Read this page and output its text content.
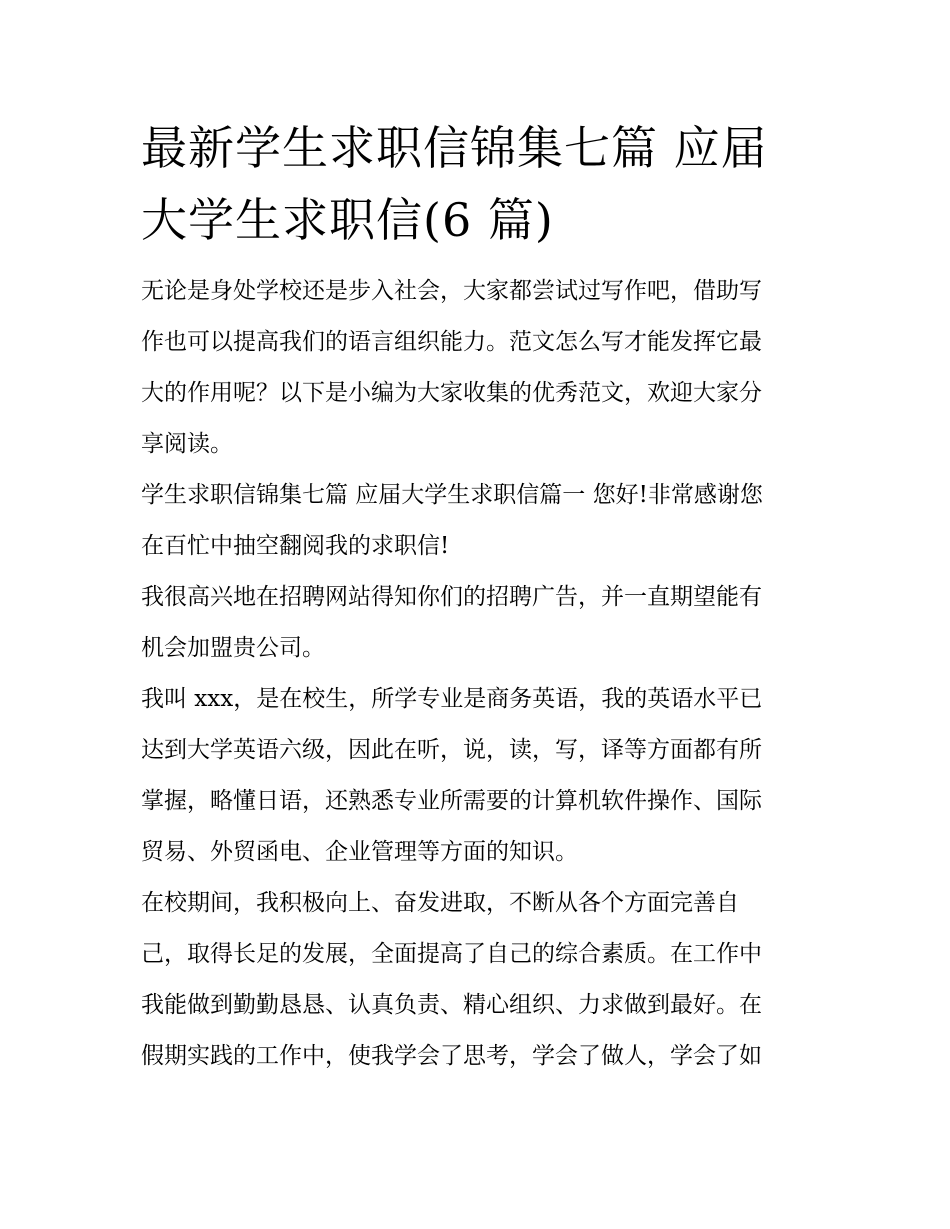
最新学生求职信锦集七篇 应届
大学生求职信(6 篇)

无论是身处学校还是步入社会，大家都尝试过写作吧，借助写
作也可以提高我们的语言组织能力。范文怎么写才能发挥它最
大的作用呢？以下是小编为大家收集的优秀范文，欢迎大家分
享阅读。

学生求职信锦集七篇 应届大学生求职信篇一 您好!非常感谢您
在百忙中抽空翻阅我的求职信!

我很高兴地在招聘网站得知你们的招聘广告，并一直期望能有
机会加盟贵公司。

我叫 xxx，是在校生，所学专业是商务英语，我的英语水平已
达到大学英语六级，因此在听，说，读，写，译等方面都有所
掌握，略懂日语，还熟悉专业所需要的计算机软件操作、国际
贸易、外贸函电、企业管理等方面的知识。

在校期间，我积极向上、奋发进取，不断从各个方面完善自
己，取得长足的发展，全面提高了自己的综合素质。在工作中
我能做到勤勤恳恳、认真负责、精心组织、力求做到最好。在
假期实践的工作中，使我学会了思考，学会了做人，学会了如
